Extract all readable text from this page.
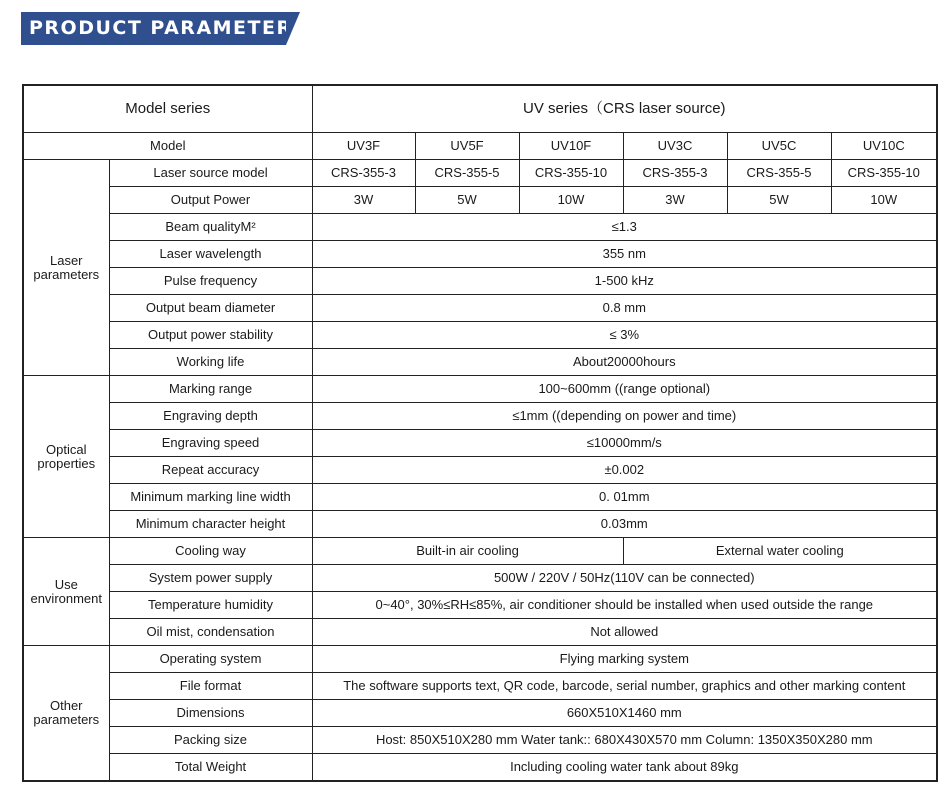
PRODUCT PARAMETER
Model series		UV series（CRS laser source)					
Model		UV3F	UV5F	UV10F	UV3C	UV5C	UV10C
Laser parameters	Laser source model	CRS-355-3	CRS-355-5	CRS-355-10	CRS-355-3	CRS-355-5	CRS-355-10
	Output Power	3W	5W	10W	3W	5W	10W
	Beam qualityM²	≤1.3					
	Laser wavelength	355 nm					
	Pulse frequency	1-500 kHz					
	Output beam diameter	0.8 mm					
	Output power stability	≤ 3%					
	Working life	About20000hours					
Optical properties	Marking range	100~600mm ((range optional)					
	Engraving depth	≤1mm ((depending on power and time)					
	Engraving speed	≤10000mm/s					
	Repeat accuracy	±0.002					
	Minimum marking line width	0. 01mm					
	Minimum character height	0.03mm					
Use environment	Cooling way	Built-in air cooling			External water cooling		
	System power supply	500W / 220V / 50Hz(110V can be connected)					
	Temperature humidity	0~40°, 30%≤RH≤85%, air conditioner should be installed when used outside the range					
	Oil mist, condensation	Not allowed					
Other parameters	Operating system	Flying marking system					
	File format	The software supports text, QR code, barcode, serial number, graphics and other marking content					
	Dimensions	660X510X1460 mm					
	Packing size	Host: 850X510X280 mm Water tank:: 680X430X570 mm Column: 1350X350X280 mm					
	Total Weight	Including cooling water tank about 89kg					
